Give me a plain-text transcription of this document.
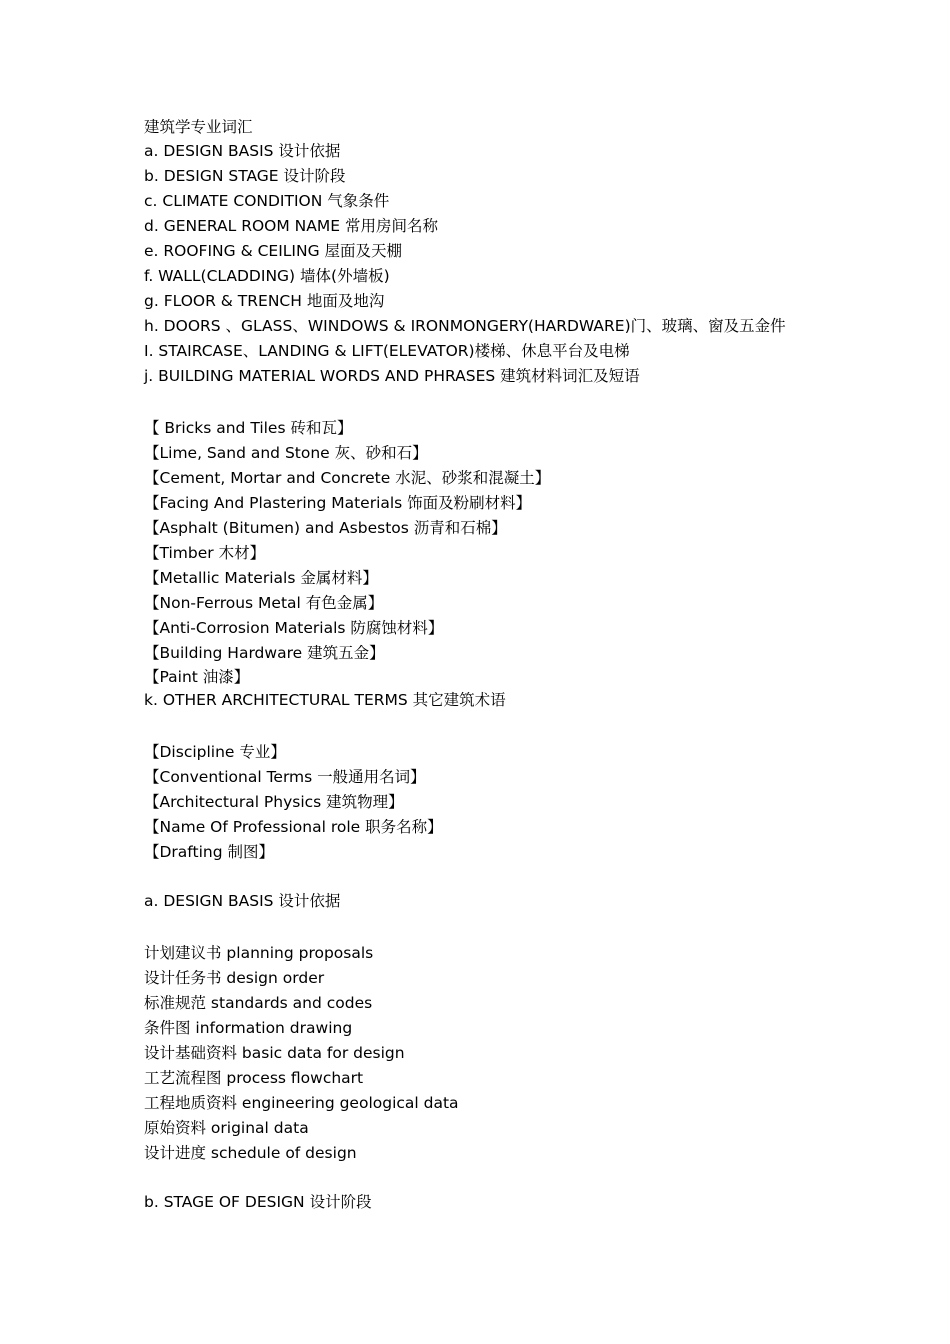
建筑学专业词汇
a. DESIGN BASIS 设计依据
b. DESIGN STAGE 设计阶段
c. CLIMATE CONDITION 气象条件
d. GENERAL ROOM NAME 常用房间名称
e. ROOFING & CEILING 屋面及天棚
f. WALL(CLADDING) 墙体(外墙板)
g. FLOOR & TRENCH 地面及地沟
h. DOORS 、GLASS、WINDOWS & IRONMONGERY(HARDWARE)门、玻璃、窗及五金件
I. STAIRCASE、LANDING & LIFT(ELEVATOR)楼梯、休息平台及电梯
j. BUILDING MATERIAL WORDS AND PHRASES 建筑材料词汇及短语
【 Bricks and Tiles 砖和瓦】
【Lime, Sand and Stone 灰、砂和石】
【Cement, Mortar and Concrete 水泥、砂浆和混凝土】
【Facing And Plastering Materials 饰面及粉刷材料】
【Asphalt (Bitumen) and Asbestos 沥青和石棉】
【Timber 木材】
【Metallic Materials 金属材料】
【Non-Ferrous Metal 有色金属】
【Anti-Corrosion Materials 防腐蚀材料】
【Building Hardware 建筑五金】
【Paint 油漆】
k. OTHER ARCHITECTURAL TERMS 其它建筑术语
【Discipline 专业】
【Conventional Terms 一般通用名词】
【Architectural Physics 建筑物理】
【Name Of Professional role 职务名称】
【Drafting 制图】
a. DESIGN BASIS 设计依据
计划建议书 planning proposals
设计任务书 design order
标准规范 standards and codes
条件图 information drawing
设计基础资料 basic data for design
工艺流程图 process flowchart
工程地质资料 engineering geological data
原始资料 original data
设计进度 schedule of design
b. STAGE OF DESIGN 设计阶段
